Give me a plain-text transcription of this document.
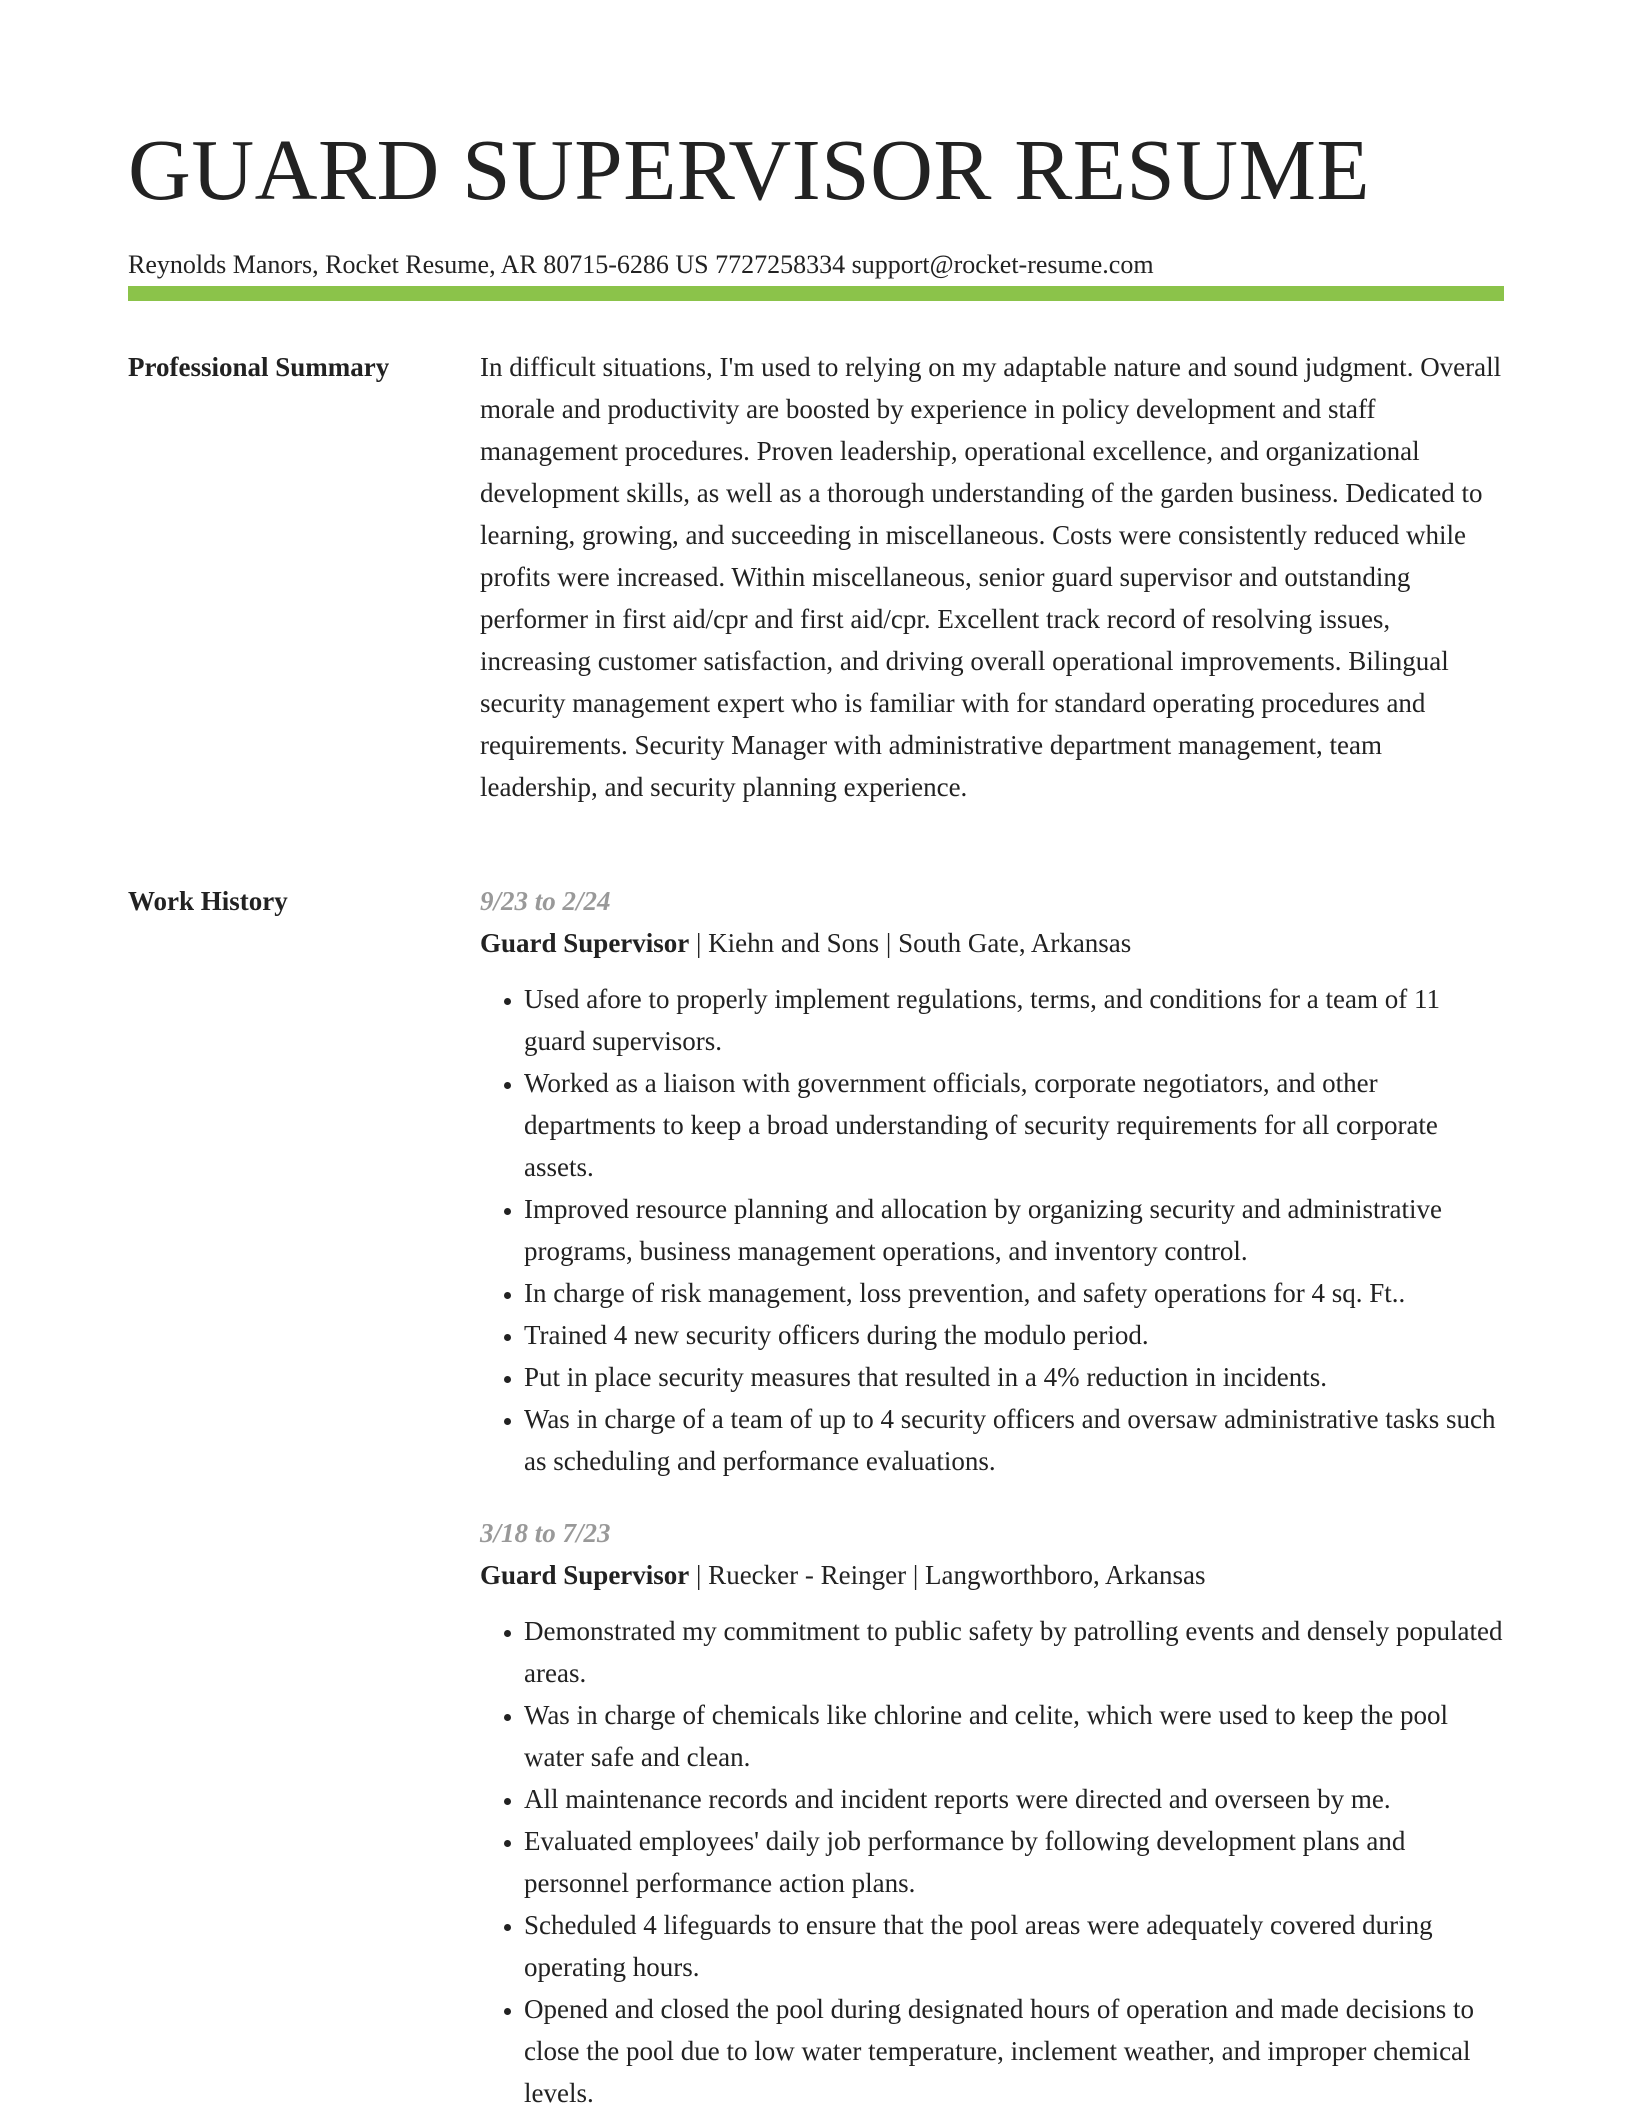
GUARD SUPERVISOR RESUME
Reynolds Manors, Rocket Resume, AR 80715-6286 US 7727258334 support@rocket-resume.com
Professional Summary	In difficult situations, I'm used to relying on my adaptable nature and sound judgment. Overall morale and productivity are boosted by experience in policy development and staff management procedures. Proven leadership, operational excellence, and organizational development skills, as well as a thorough understanding of the garden business. Dedicated to learning, growing, and succeeding in miscellaneous. Costs were consistently reduced while profits were increased. Within miscellaneous, senior guard supervisor and outstanding performer in first aid/cpr and first aid/cpr. Excellent track record of resolving issues, increasing customer satisfaction, and driving overall operational improvements. Bilingual security management expert who is familiar with for standard operating procedures and requirements. Security Manager with administrative department management, team leadership, and security planning experience.

Work History	9/23 to 2/24
Guard Supervisor | Kiehn and Sons | South Gate, Arkansas
• Used afore to properly implement regulations, terms, and conditions for a team of 11 guard supervisors.
• Worked as a liaison with government officials, corporate negotiators, and other departments to keep a broad understanding of security requirements for all corporate assets.
• Improved resource planning and allocation by organizing security and administrative programs, business management operations, and inventory control.
• In charge of risk management, loss prevention, and safety operations for 4 sq. Ft..
• Trained 4 new security officers during the modulo period.
• Put in place security measures that resulted in a 4% reduction in incidents.
• Was in charge of a team of up to 4 security officers and oversaw administrative tasks such as scheduling and performance evaluations.
3/18 to 7/23
Guard Supervisor | Ruecker - Reinger | Langworthboro, Arkansas
• Demonstrated my commitment to public safety by patrolling events and densely populated areas.
• Was in charge of chemicals like chlorine and celite, which were used to keep the pool water safe and clean.
• All maintenance records and incident reports were directed and overseen by me.
• Evaluated employees' daily job performance by following development plans and personnel performance action plans.
• Scheduled 4 lifeguards to ensure that the pool areas were adequately covered during operating hours.
• Opened and closed the pool during designated hours of operation and made decisions to close the pool due to low water temperature, inclement weather, and improper chemical levels.
